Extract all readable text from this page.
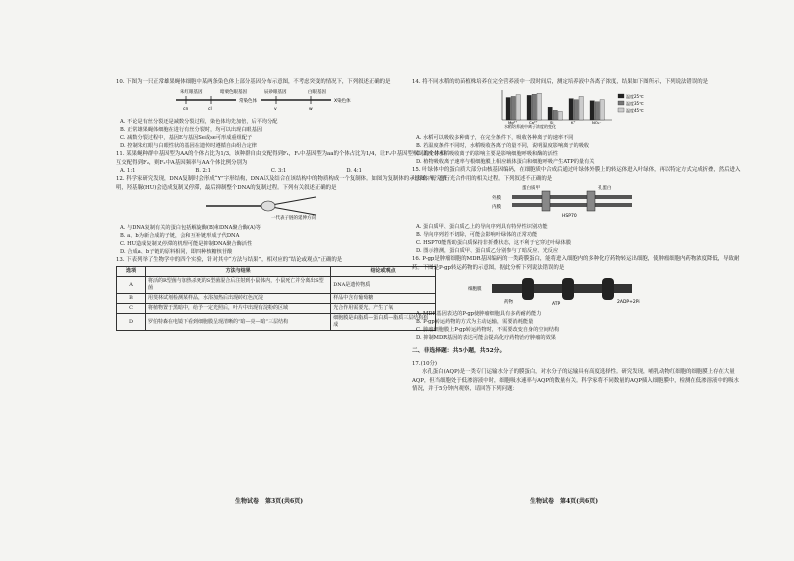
10. 下图为一只正常雄果蝇体细胞中某两条染色体上部分基因分布示意图，不考虑突变的情况下，下列叙述正确的是

朱红眼基因	暗栗色眼基因	辰砂眼基因	白眼基因
cn	cl	v	w
常染色体	X染色体

A. 不论是有丝分裂还是减数分裂过程，染色体均先加倍，后平均分配

B. 正常雄果蝇体细胞在进行有丝分裂时，均可以出现白眼基因

C. 减数分裂过程中，基因E与基因Se或se可形成重组配子

D. 控制朱红眼与白眼性状的基因在遗传时遵循自由组合定律

11. 某果蝇种群中基因型为AA的个体占比为1/3，该种群自由交配得到F₁，F₁中基因型为aa的个体占比为1/4，让F₁中基因型相同的个体相互交配得到F₂，则F₂中A基因频率与AA个体比例分别为

A. 1:1	B. 2:1	C. 3:1	D. 4:1

12. 科学家研究发现，DNA复制时会形成“Y”字形结构，DNA以及结合在该结构中的物质构成一个复制体。如图为复制体的示意图，研究表明，羟基脲(HU)会造成复制叉停滞，最后抑制整个DNA的复制过程。下列有关叙述正确的是

一代表子链的延伸方向

A. 与DNA复制有关的蛋白包括解旋酶(B)和DNA聚合酶(A)等

B. a、b为新合成的子链，会和互补链形成子代DNA

C. HU造成复制叉停滞的机理可能是抑制DNA聚合酶活性

D. 合成a、b子链的原料相同，即四种核糖核苷酸

13. 下表列举了生物学中的四个实验，针对其中“方法与结果”，相对应的“结论或观点”正确的是

选项	方法与结果	结论或观点
A	将活的R型菌与加热杀死的S型菌混合后注射到小鼠体内，小鼠死亡并分离出S型菌	DNA是遗传物质
B	用斐林试剂检测某样品，水浴加热后出现砖红色沉淀	样品中含有葡萄糖
C	将植物置于黑暗中，给予一定光照后，叶片中出现有淀粉的区域	光合作用需要光，产生了氧
D	罗伯特森在电镜下看到细胞膜呈现清晰的“暗—亮—暗”三层结构	细胞膜是由脂质—蛋白质—脂质三层结构构成
生物试卷　第3页(共6页)

14. 将不同水稻的幼苗植株培养在完全营养液中一段时间后，测定培养液中各离子浓度，结果如下图所示，下列说法错误的是

Mg²⁺	Ca²⁺	Si	K⁺	NO₃⁻
温度25℃
温度35℃
温度45℃
水稻培养液中离子浓度的变化

A. 水稻可以吸收多种离子，在完全条件下，吸收各种离子的速率不同

B. 若温度条件不同时，水稻吸收各离子的量不同，说明温度影响离子的吸收

C. 温度对水稻吸收离子的影响主要是影响细胞呼吸和酶的活性

D. 植物吸收离子速率与根细胞膜上相应载体蛋白和细胞呼吸产生ATP的量有关

15. 叶绿体中的蛋白质大部分由核基因编码，在细胞质中合成后通过叶绿体外膜上的转运体进入叶绿体，再以特定方式完成折叠，然后进入叶绿体内，进行光合作用的相关过程。下列叙述不正确的是

蛋白质甲	孔蛋白
外膜
内膜
HSP70

A. 蛋白质甲、蛋白质乙上的导向序列具有特异性识别功能

B. 导向序列若不切除，可能会影响叶绿体的正常功能

C. HSP70能帮助蛋白质保持非折叠状态，这不利于它穿过叶绿体膜

D. 图示推测，蛋白质甲、蛋白质乙分别参与了暗反应、光反应

16. P-gp是肿瘤细胞的MDR基因编码的一类跨膜蛋白，能将进入细胞内的多种化疗药物转运出细胞，使肿瘤细胞内药物浓度降低，导致耐药。下图是P-gp转运药物的示意图，据此分析下列说法错误的是

细胞膜
药物	ATP	2ADP+2Pi

A. MDR基因表达的P-gp使肿瘤细胞具有多药耐药能力

B. P-gp转运药物的方式为主动运输，需要消耗能量

C. 肿瘤细胞膜上P-gp转运药物时，不需要改变自身的空间结构

D. 抑制MDR基因的表达可能会提高化疗药物治疗肿瘤的效果

二、非选择题：共5小题，共52分。

17.(10分)

水孔蛋白(AQP)是一类专门运输水分子的膜蛋白，对水分子的运输具有高度选择性。研究发现，哺乳动物红细胞的细胞膜上存在大量AQP，但当细胞处于低渗溶液中时，细胞吸水速率与AQP的数量有关。科学家将不同数量的AQP插入细胞膜中，检测在低渗溶液中的吸水情况，并于5分钟内观察，请回答下列问题：

生物试卷　第4页(共6页)
